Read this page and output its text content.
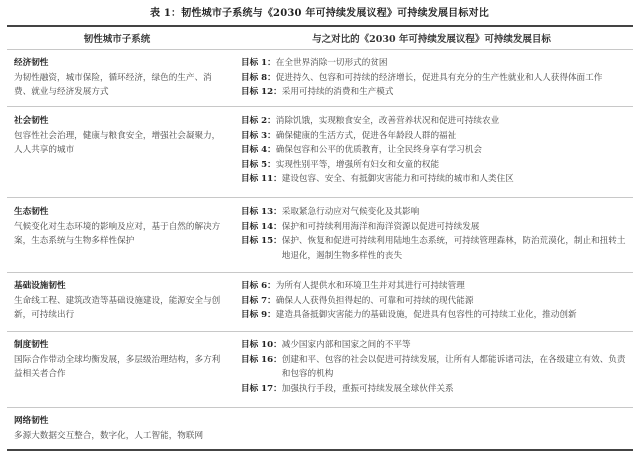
表 1：韧性城市子系统与《2030 年可持续发展议程》可持续发展目标对比
韧性城市子系统	与之对比的《2030 年可持续发展议程》可持续发展目标
经济韧性
为韧性融资，城市保险，循环经济，绿色的生产、消费、就业与经济发展方式
目标 1： 在全世界消除一切形式的贫困
目标 8： 促进持久、包容和可持续的经济增长，促进具有充分的生产性就业和人人获得体面工作
目标 12： 采用可持续的消费和生产模式
社会韧性
包容性社会治理，健康与粮食安全，增强社会凝聚力，人人共享的城市
目标 2： 消除饥饿，实现粮食安全，改善营养状况和促进可持续农业
目标 3： 确保健康的生活方式，促进各年龄段人群的福祉
目标 4： 确保包容和公平的优质教育，让全民终身享有学习机会
目标 5： 实现性别平等，增强所有妇女和女童的权能
目标 11： 建设包容、安全、有抵御灾害能力和可持续的城市和人类住区
生态韧性
气候变化对生态环境的影响及应对，基于自然的解决方案，生态系统与生物多样性保护
目标 13： 采取紧急行动应对气候变化及其影响
目标 14： 保护和可持续利用海洋和海洋资源以促进可持续发展
目标 15： 保护、恢复和促进可持续利用陆地生态系统，可持续管理森林，防治荒漠化，制止和扭转土地退化，遏制生物多样性的丧失
基础设施韧性
生命线工程、建筑改造等基础设施建设，能源安全与创新，可持续出行
目标 6： 为所有人提供水和环境卫生并对其进行可持续管理
目标 7： 确保人人获得负担得起的、可靠和可持续的现代能源
目标 9： 建造具备抵御灾害能力的基础设施，促进具有包容性的可持续工业化，推动创新
制度韧性
国际合作带动全球均衡发展，多层级治理结构，多方利益相关者合作
目标 10： 减少国家内部和国家之间的不平等
目标 16： 创建和平、包容的社会以促进可持续发展，让所有人都能诉诸司法，在各级建立有效、负责和包容的机构
目标 17： 加强执行手段，重振可持续发展全球伙伴关系
网络韧性
多源大数据交互整合，数字化，人工智能，物联网
